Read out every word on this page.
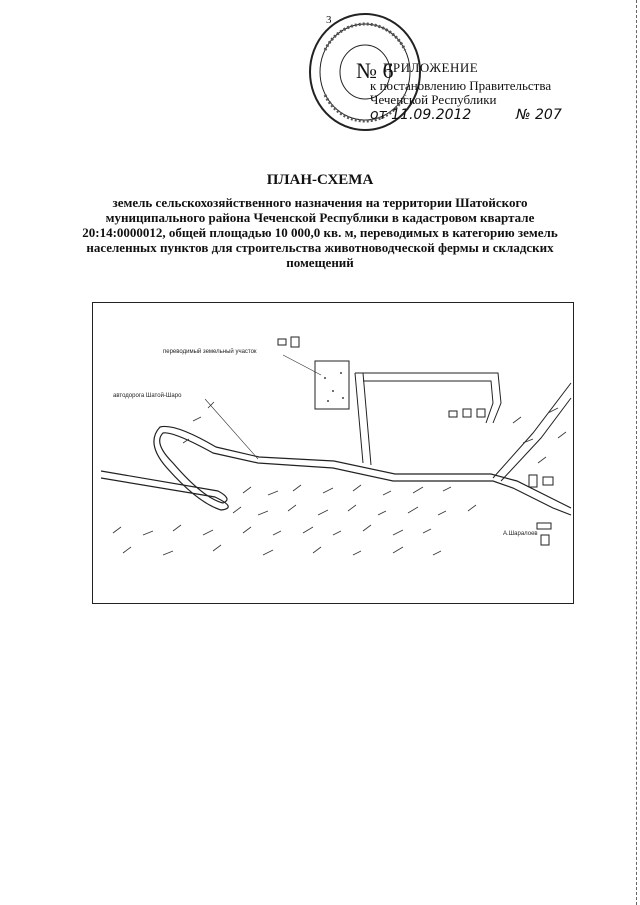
3
№ 6
ПРИЛОЖЕНИЕ
к постановлению Правительства
Чеченской Республики
от 11.09.2012	№ 207
ПЛАН-СХЕМА
земель сельскохозяйственного назначения на территории Шатойского муниципального района Чеченской Республики в кадастровом квартале 20:14:0000012, общей площадью 10 000,0 кв. м, переводимых в категорию земель населенных пунктов для строительства животноводческой фермы и складских помещений
переводимый земельный участок
автодорога Шатой-Шаро
А.Шаралоев
